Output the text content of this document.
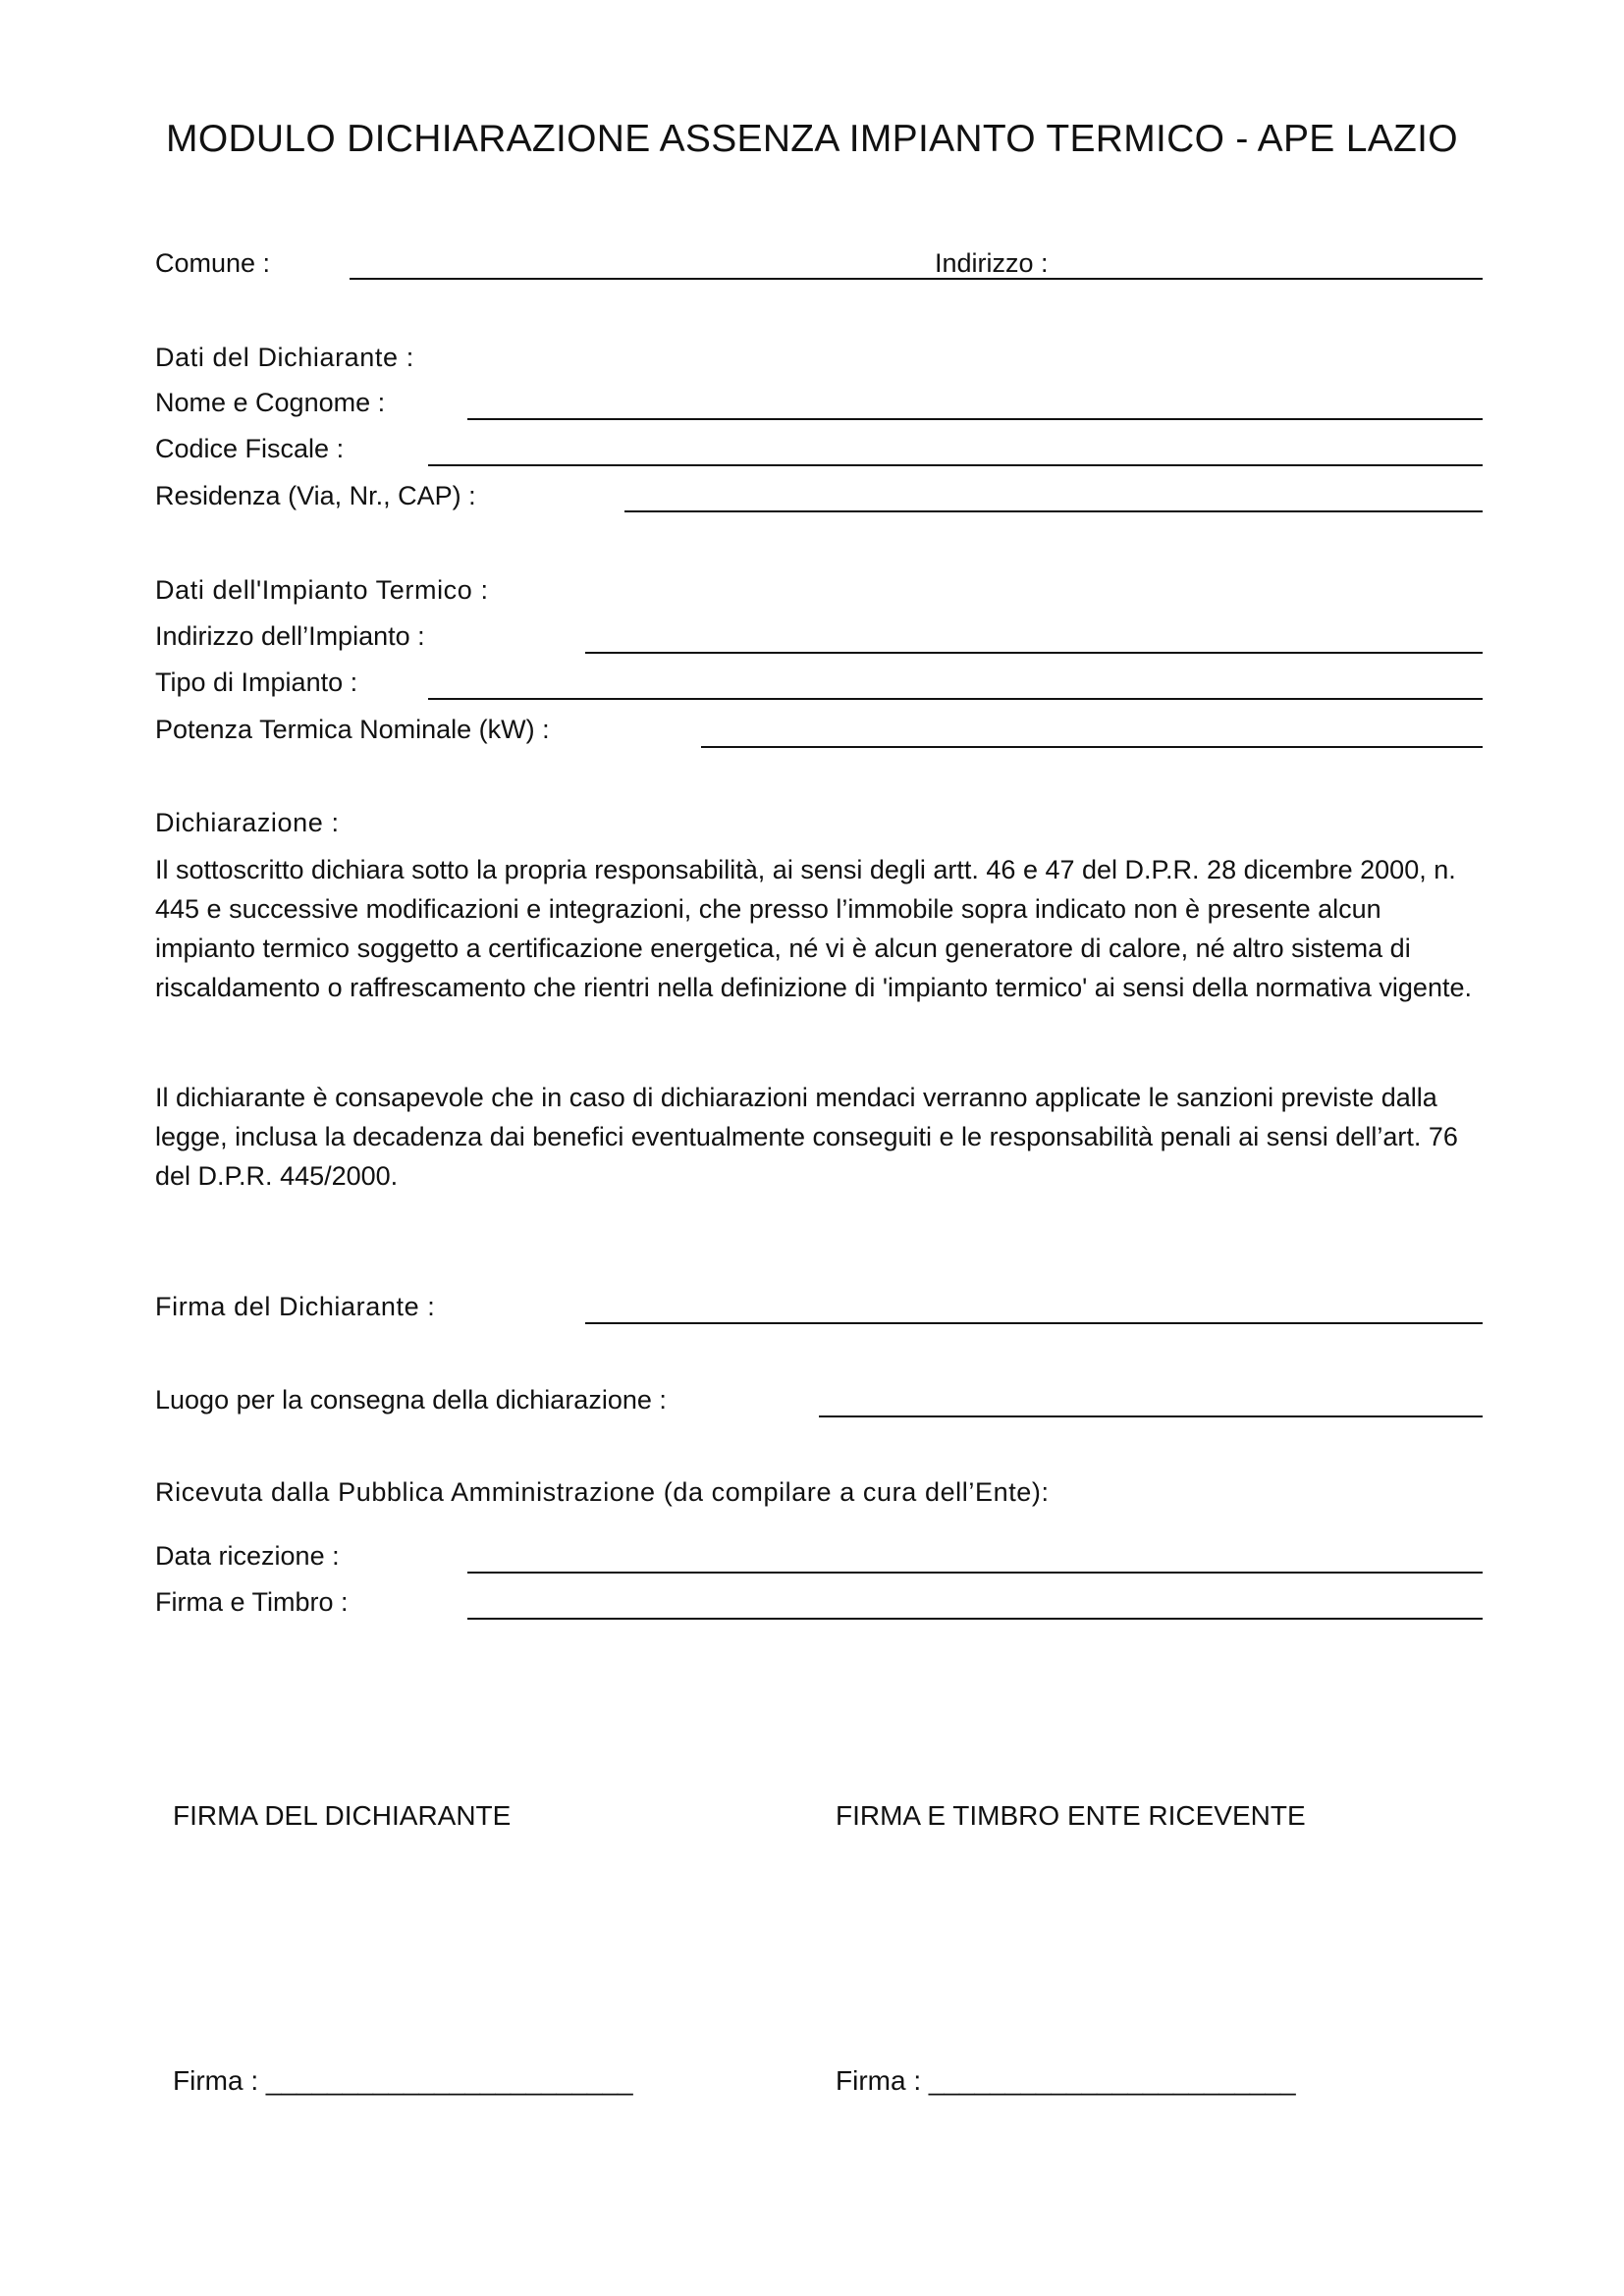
MODULO DICHIARAZIONE ASSENZA IMPIANTO TERMICO - APE LAZIO
Comune :	Indirizzo :
Dati del Dichiarante :
Nome e Cognome :
Codice Fiscale :
Residenza (Via, Nr., CAP) :
Dati dell'Impianto Termico :
Indirizzo dell’Impianto :
Tipo di Impianto :
Potenza Termica Nominale (kW) :
Dichiarazione :
Il sottoscritto dichiara sotto la propria responsabilità, ai sensi degli artt. 46 e 47 del D.P.R. 28 dicembre 2000, n. 445 e successive modificazioni e integrazioni, che presso l’immobile sopra indicato non è presente alcun impianto termico soggetto a certificazione energetica, né vi è alcun generatore di calore, né altro sistema di riscaldamento o raffrescamento che rientri nella definizione di 'impianto termico' ai sensi della normativa vigente.
Il dichiarante è consapevole che in caso di dichiarazioni mendaci verranno applicate le sanzioni previste dalla legge, inclusa la decadenza dai benefici eventualmente conseguiti e le responsabilità penali ai sensi dell’art. 76 del D.P.R. 445/2000.
Firma del Dichiarante :
Luogo per la consegna della dichiarazione :
Ricevuta dalla Pubblica Amministrazione (da compilare a cura dell’Ente):
Data ricezione :
Firma e Timbro :
FIRMA DEL DICHIARANTE	FIRMA E TIMBRO ENTE RICEVENTE
Firma : ________________________	Firma : ________________________
